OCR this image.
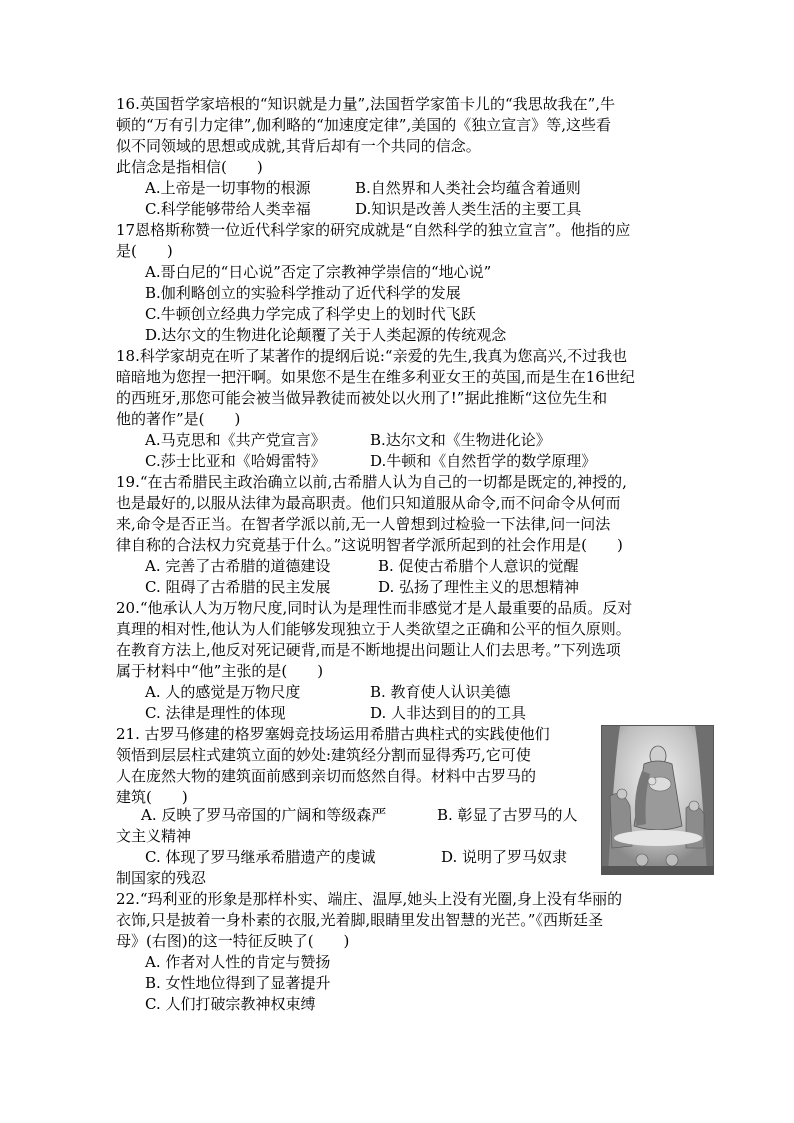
16.英国哲学家培根的“知识就是力量”,法国哲学家笛卡儿的“我思故我在”,牛
顿的“万有引力定律”,伽利略的“加速度定律”,美国的《独立宣言》等,这些看
似不同领域的思想或成就,其背后却有一个共同的信念。
此信念是指相信(　　)
A.上帝是一切事物的根源	B.自然界和人类社会均蕴含着通则
C.科学能够带给人类幸福	D.知识是改善人类生活的主要工具
17恩格斯称赞一位近代科学家的研究成就是“自然科学的独立宣言”。他指的应
是(　　)
A.哥白尼的“日心说”否定了宗教神学崇信的“地心说”
B.伽利略创立的实验科学推动了近代科学的发展
C.牛顿创立经典力学完成了科学史上的划时代飞跃
D.达尔文的生物进化论颠覆了关于人类起源的传统观念
18.科学家胡克在听了某著作的提纲后说:“亲爱的先生,我真为您高兴,不过我也
暗暗地为您捏一把汗啊。如果您不是生在维多利亚女王的英国,而是生在16世纪
的西班牙,那您可能会被当做异教徒而被处以火刑了!”据此推断“这位先生和
他的著作”是(　　)
A.马克思和《共产党宣言》	B.达尔文和《生物进化论》
C.莎士比亚和《哈姆雷特》	D.牛顿和《自然哲学的数学原理》
19.“在古希腊民主政治确立以前,古希腊人认为自己的一切都是既定的,神授的,
也是最好的,以服从法律为最高职责。他们只知道服从命令,而不问命令从何而
来,命令是否正当。在智者学派以前,无一人曾想到过检验一下法律,问一问法
律自称的合法权力究竟基于什么。”这说明智者学派所起到的社会作用是(　　)
A. 完善了古希腊的道德建设	B. 促使古希腊个人意识的觉醒
C. 阻碍了古希腊的民主发展	D. 弘扬了理性主义的思想精神
20.“他承认人为万物尺度,同时认为是理性而非感觉才是人最重要的品质。反对
真理的相对性,他认为人们能够发现独立于人类欲望之正确和公平的恒久原则。
在教育方法上,他反对死记硬背,而是不断地提出问题让人们去思考。”下列选项
属于材料中“他”主张的是(　　)
A. 人的感觉是万物尺度	B. 教育使人认识美德
C. 法律是理性的体现	D. 人非达到目的的工具
21. 古罗马修建的格罗塞姆竞技场运用希腊古典柱式的实践使他们
领悟到层层柱式建筑立面的妙处:建筑经分割而显得秀巧,它可使
人在庞然大物的建筑面前感到亲切而悠然自得。材料中古罗马的
建筑(　　)
A. 反映了罗马帝国的广阔和等级森严	B. 彰显了古罗马的人
文主义精神
C. 体现了罗马继承希腊遗产的虔诚	D. 说明了罗马奴隶
制国家的残忍
22.“玛利亚的形象是那样朴实、端庄、温厚,她头上没有光圈,身上没有华丽的
衣饰,只是披着一身朴素的衣服,光着脚,眼睛里发出智慧的光芒。”《西斯廷圣
母》(右图)的这一特征反映了(　　)
A. 作者对人性的肯定与赞扬
B. 女性地位得到了显著提升
C. 人们打破宗教神权束缚
